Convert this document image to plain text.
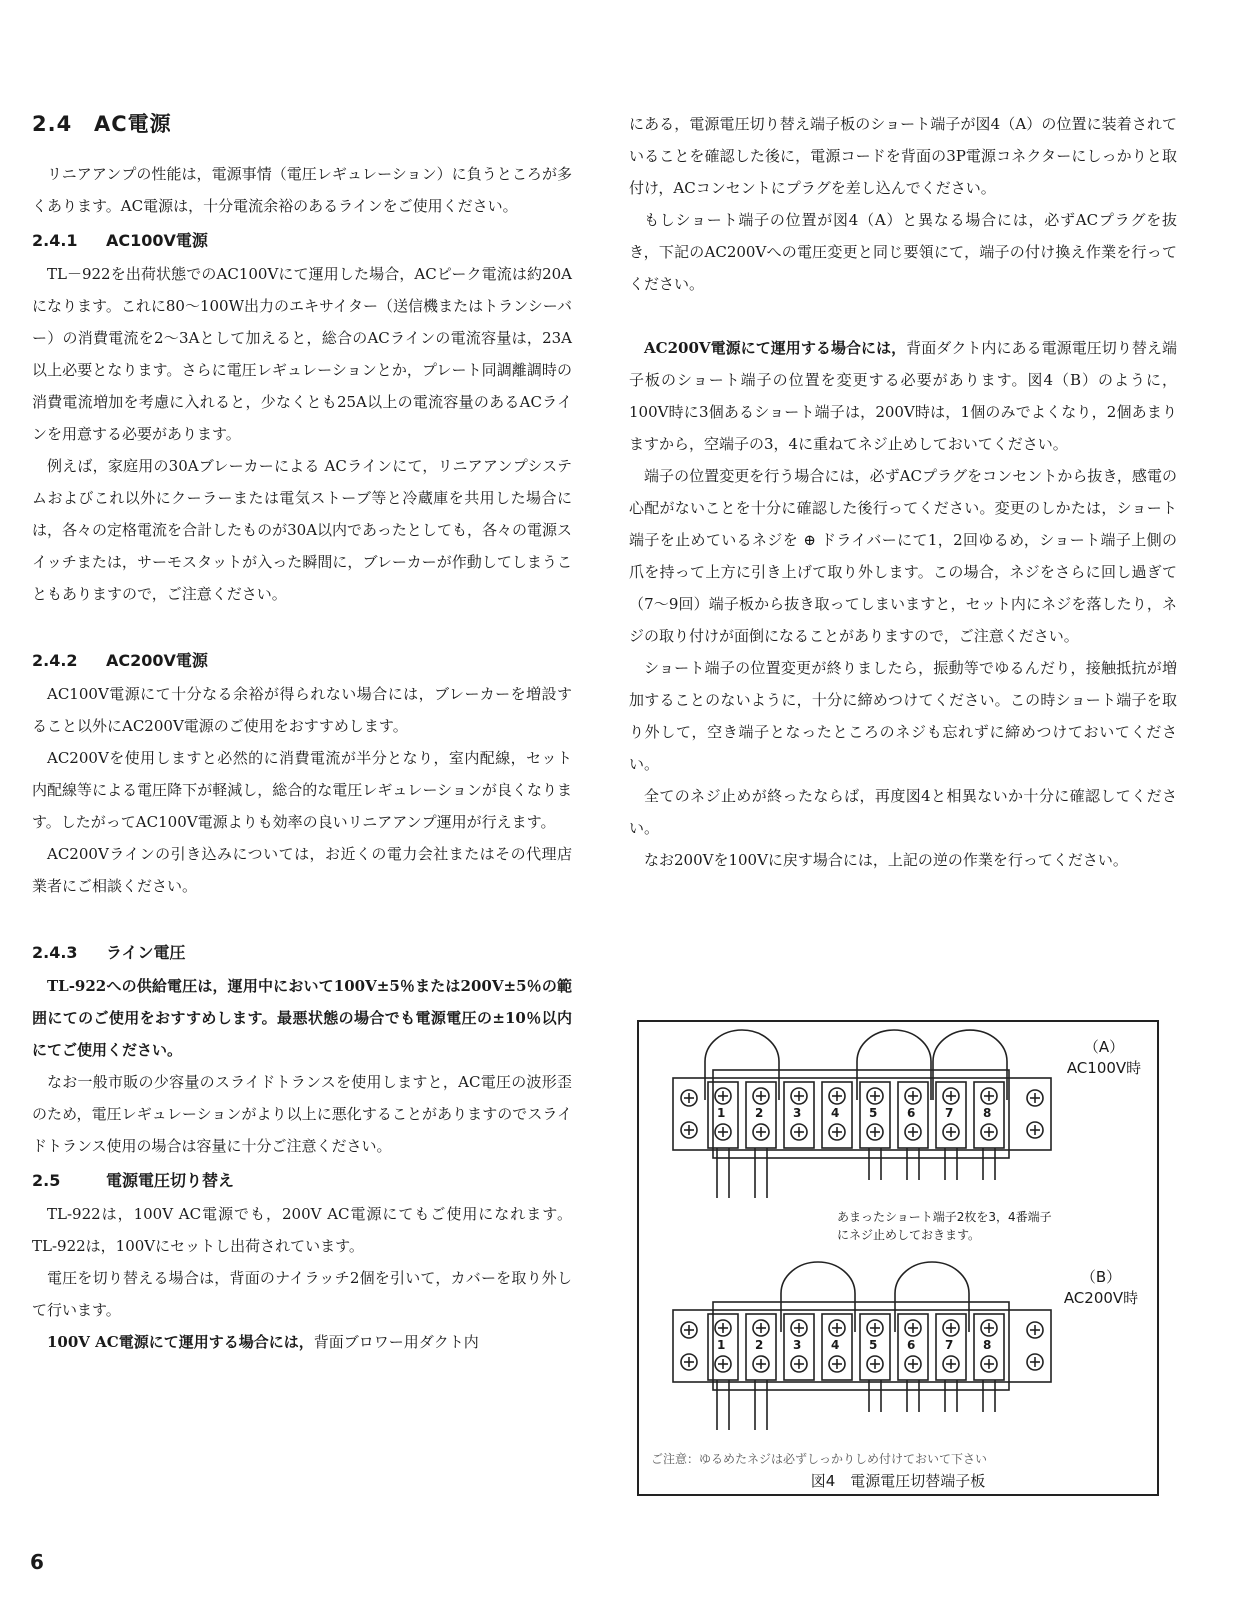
2.4 AC電源

リニアアンプの性能は，電源事情（電圧レギュレーション）に負うところが多くあります。AC電源は，十分電流余裕のあるラインをご使用ください。

2.4.1 AC100V電源

TL－922を出荷状態でのAC100Vにて運用した場合，ACピーク電流は約20Aになります。これに80～100W出力のエキサイター（送信機またはトランシーバー）の消費電流を2～3Aとして加えると，総合のACラインの電流容量は，23A以上必要となります。さらに電圧レギュレーションとか，プレート同調離調時の消費電流増加を考慮に入れると，少なくとも25A以上の電流容量のあるACラインを用意する必要があります。

例えば，家庭用の30Aブレーカーによる ACラインにて，リニアアンプシステムおよびこれ以外にクーラーまたは電気ストーブ等と冷蔵庫を共用した場合には，各々の定格電流を合計したものが30A以内であったとしても，各々の電源スイッチまたは，サーモスタットが入った瞬間に，ブレーカーが作動してしまうこともありますので，ご注意ください。

2.4.2 AC200V電源

AC100V電源にて十分なる余裕が得られない場合には，ブレーカーを増設すること以外にAC200V電源のご使用をおすすめします。

AC200Vを使用しますと必然的に消費電流が半分となり，室内配線，セット内配線等による電圧降下が軽減し，総合的な電圧レギュレーションが良くなります。したがってAC100V電源よりも効率の良いリニアアンプ運用が行えます。

AC200Vラインの引き込みについては，お近くの電力会社またはその代理店業者にご相談ください。

2.4.3 ライン電圧

TL-922への供給電圧は，運用中において100V±5％または200V±5％の範囲にてのご使用をおすすめします。最悪状態の場合でも電源電圧の±10％以内にてご使用ください。

なお一般市販の少容量のスライドトランスを使用しますと，AC電圧の波形歪のため，電圧レギュレーションがより以上に悪化することがありますのでスライドトランス使用の場合は容量に十分ご注意ください。

2.5	電源電圧切り替え

TL-922は，100V AC電源でも，200V AC電源にてもご使用になれます。TL-922は，100Vにセットし出荷されています。

電圧を切り替える場合は，背面のナイラッチ2個を引いて，カバーを取り外して行います。

100V AC電源にて運用する場合には，背面ブロワー用ダクト内

にある，電源電圧切り替え端子板のショート端子が図4（A）の位置に装着されていることを確認した後に，電源コードを背面の3P電源コネクターにしっかりと取付け，ACコンセントにプラグを差し込んでください。

もしショート端子の位置が図4（A）と異なる場合には，必ずACプラグを抜き，下記のAC200Vへの電圧変更と同じ要領にて，端子の付け換え作業を行ってください。

AC200V電源にて運用する場合には，背面ダクト内にある電源電圧切り替え端子板のショート端子の位置を変更する必要があります。図4（B）のように，100V時に3個あるショート端子は，200V時は，1個のみでよくなり，2個あまりますから，空端子の3，4に重ねてネジ止めしておいてください。

端子の位置変更を行う場合には，必ずACプラグをコンセントから抜き，感電の心配がないことを十分に確認した後行ってください。変更のしかたは，ショート端子を止めているネジを ⊕ ドライバーにて1，2回ゆるめ，ショート端子上側の爪を持って上方に引き上げて取り外します。この場合，ネジをさらに回し過ぎて（7～9回）端子板から抜き取ってしまいますと，セット内にネジを落したり，ネジの取り付けが面倒になることがありますので，ご注意ください。

ショート端子の位置変更が終りましたら，振動等でゆるんだり，接触抵抗が増加することのないように，十分に締めつけてください。この時ショート端子を取り外して，空き端子となったところのネジも忘れずに締めつけておいてください。

全てのネジ止めが終ったならば，再度図4と相異ないか十分に確認してください。

なお200Vを100Vに戻す場合には，上記の逆の作業を行ってください。

（A）
AC100V時
（B）
AC200V時
あまったショート端子2枚を3，4番端子
にネジ止めしておきます。
1 2 3 4 5 6 7 8
1 2 3 4 5 6 7 8
ご注意：ゆるめたネジは必ずしっかりしめ付けておいて下さい
図4　電源電圧切替端子板
6
